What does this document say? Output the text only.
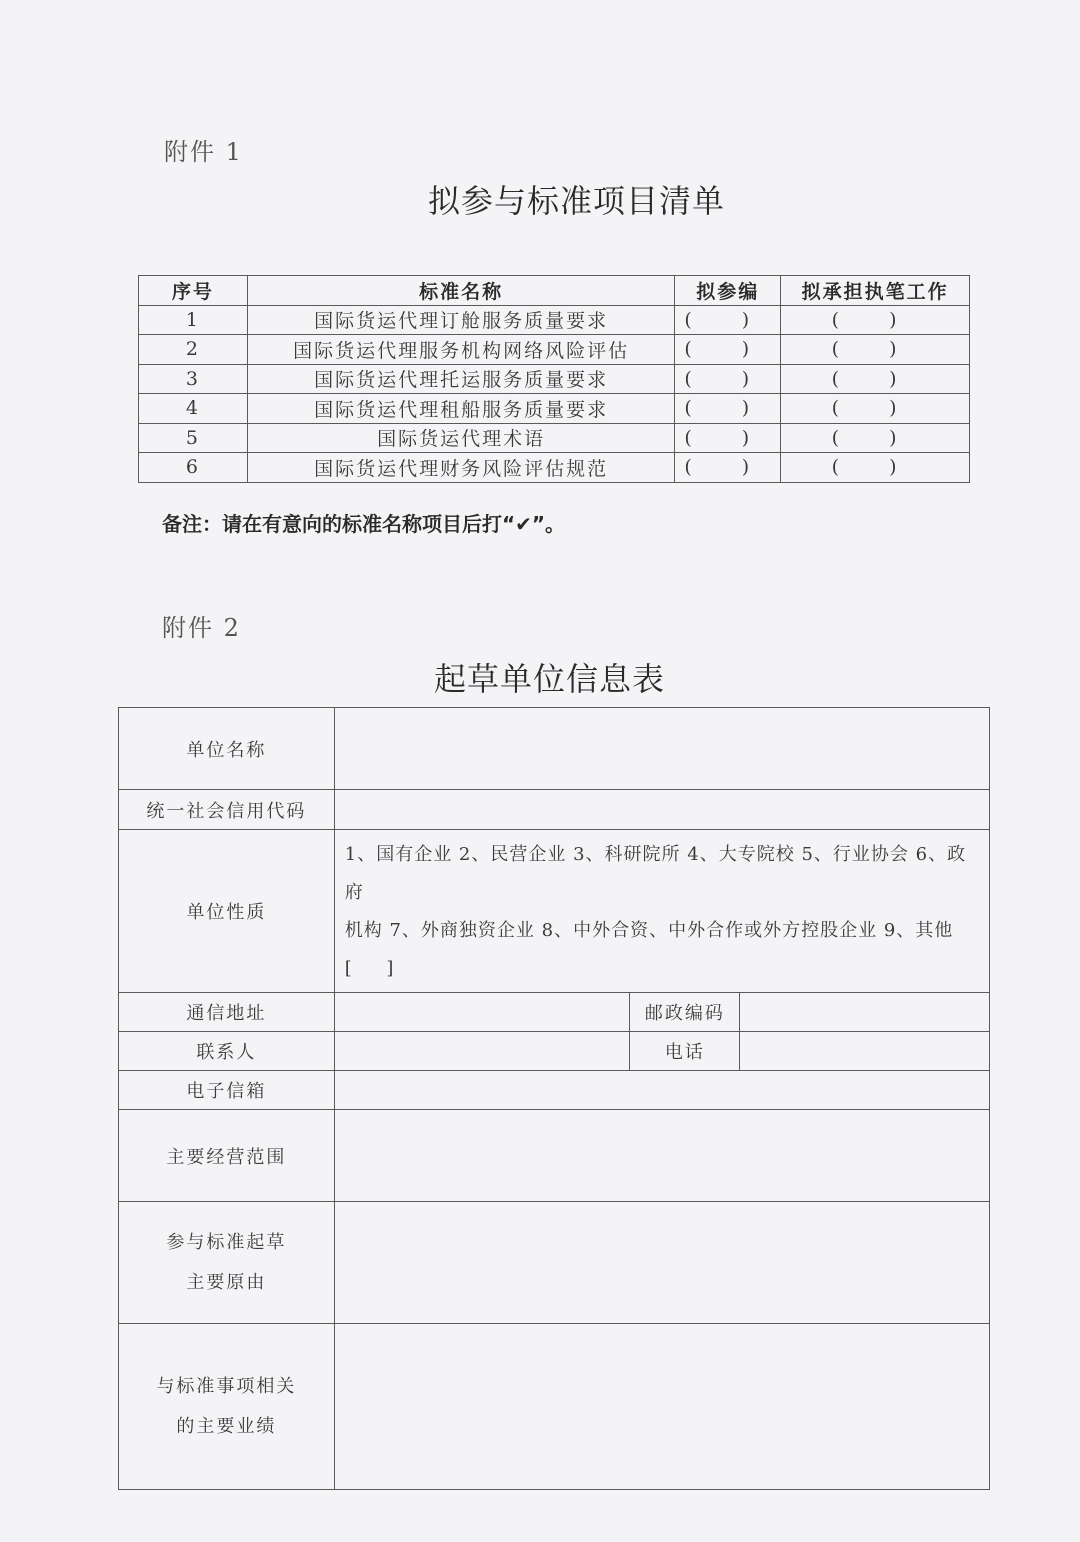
附件 1
拟参与标准项目清单
序号	标准名称	拟参编	拟承担执笔工作
1	国际货运代理订舱服务质量要求	( )	( )
2	国际货运代理服务机构网络风险评估	( )	( )
3	国际货运代理托运服务质量要求	( )	( )
4	国际货运代理租船服务质量要求	( )	( )
5	国际货运代理术语	( )	( )
6	国际货运代理财务风险评估规范	( )	( )
备注：请在有意向的标准名称项目后打“✔”。
附件 2
起草单位信息表
单位名称			
统一社会信用代码			
单位性质	1、国有企业 2、民营企业 3、科研院所 4、大专院校 5、行业协会 6、政府
机构 7、外商独资企业 8、中外合资、中外合作或外方控股企业 9、其他
[     ]		

通信地址		邮政编码	
联系人		电话	
电子信箱			
主要经营范围			

参与标准起草
主要原由			

与标准事项相关
的主要业绩			
